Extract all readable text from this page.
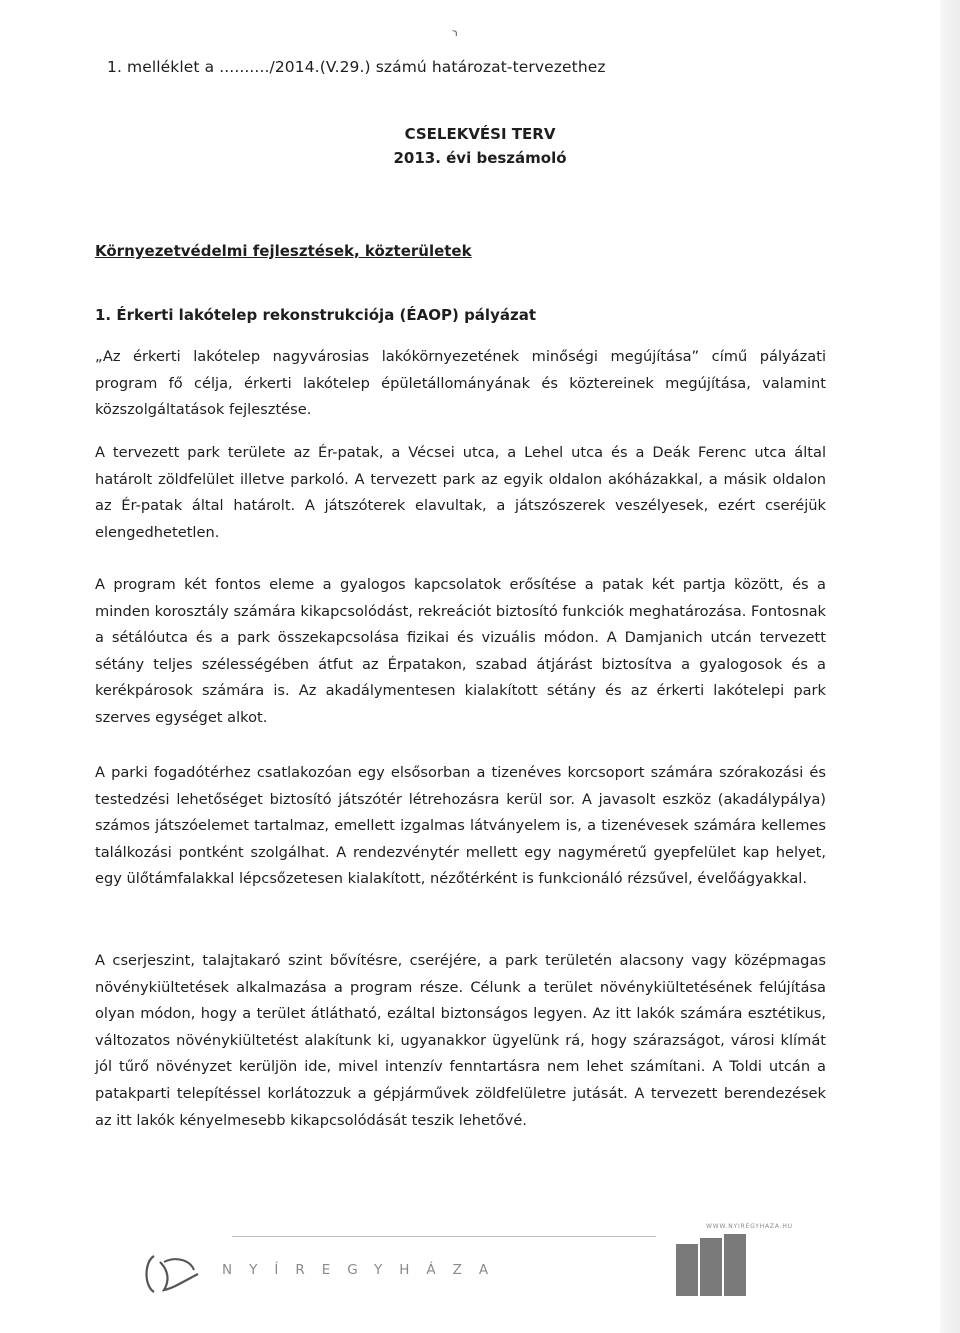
ר
1. melléklet a ........../2014.(V.29.) számú határozat-tervezethez
CSELEKVÉSI TERV
2013. évi beszámoló
Környezetvédelmi fejlesztések, közterületek
1. Érkerti lakótelep rekonstrukciója (ÉAOP) pályázat

„Az érkerti lakótelep nagyvárosias lakókörnyezetének minőségi megújítása” című pályázati program fő célja, érkerti lakótelep épületállományának és köztereinek megújítása, valamint közszolgáltatások fejlesztése.

A tervezett park területe az Ér-patak, a Vécsei utca, a Lehel utca és a Deák Ferenc utca által határolt zöldfelület illetve parkoló. A tervezett park az egyik oldalon akóházakkal, a másik oldalon az Ér-patak által határolt. A játszóterek elavultak, a játszószerek veszélyesek, ezért cseréjük elengedhetetlen.

A program két fontos eleme a gyalogos kapcsolatok erősítése a patak két partja között, és a minden korosztály számára kikapcsolódást, rekreációt biztosító funkciók meghatározása. Fontosnak a sétálóutca és a park összekapcsolása fizikai és vizuális módon. A Damjanich utcán tervezett sétány teljes szélességében átfut az Érpatakon, szabad átjárást biztosítva a gyalogosok és a kerékpárosok számára is. Az akadálymentesen kialakított sétány és az érkerti lakótelepi park szerves egységet alkot.

A parki fogadótérhez csatlakozóan egy elsősorban a tizenéves korcsoport számára szórakozási és testedzési lehetőséget biztosító játszótér létrehozásra kerül sor. A javasolt eszköz (akadálypálya) számos játszóelemet tartalmaz, emellett izgalmas látványelem is, a tizenévesek számára kellemes találkozási pontként szolgálhat. A rendezvénytér mellett egy nagyméretű gyepfelület kap helyet, egy ülőtámfalakkal lépcsőzetesen kialakított, nézőtérként is funkcionáló rézsűvel, évelőágyakkal.

A cserjeszint, talajtakaró szint bővítésre, cseréjére, a park területén alacsony vagy középmagas növénykiültetések alkalmazása a program része. Célunk a terület növénykiültetésének felújítása olyan módon, hogy a terület átlátható, ezáltal biztonságos legyen. Az itt lakók számára esztétikus, változatos növénykiültetést alakítunk ki, ugyanakkor ügyelünk rá, hogy szárazságot, városi klímát jól tűrő növényzet kerüljön ide, mivel intenzív fenntartásra nem lehet számítani. A Toldi utcán a patakparti telepítéssel korlátozzuk a gépjárművek zöldfelületre jutását. A tervezett berendezések az itt lakók kényelmesebb kikapcsolódását teszik lehetővé.

WWW.NYIREGYHAZA.HU
NYÍREGYHÁZA
